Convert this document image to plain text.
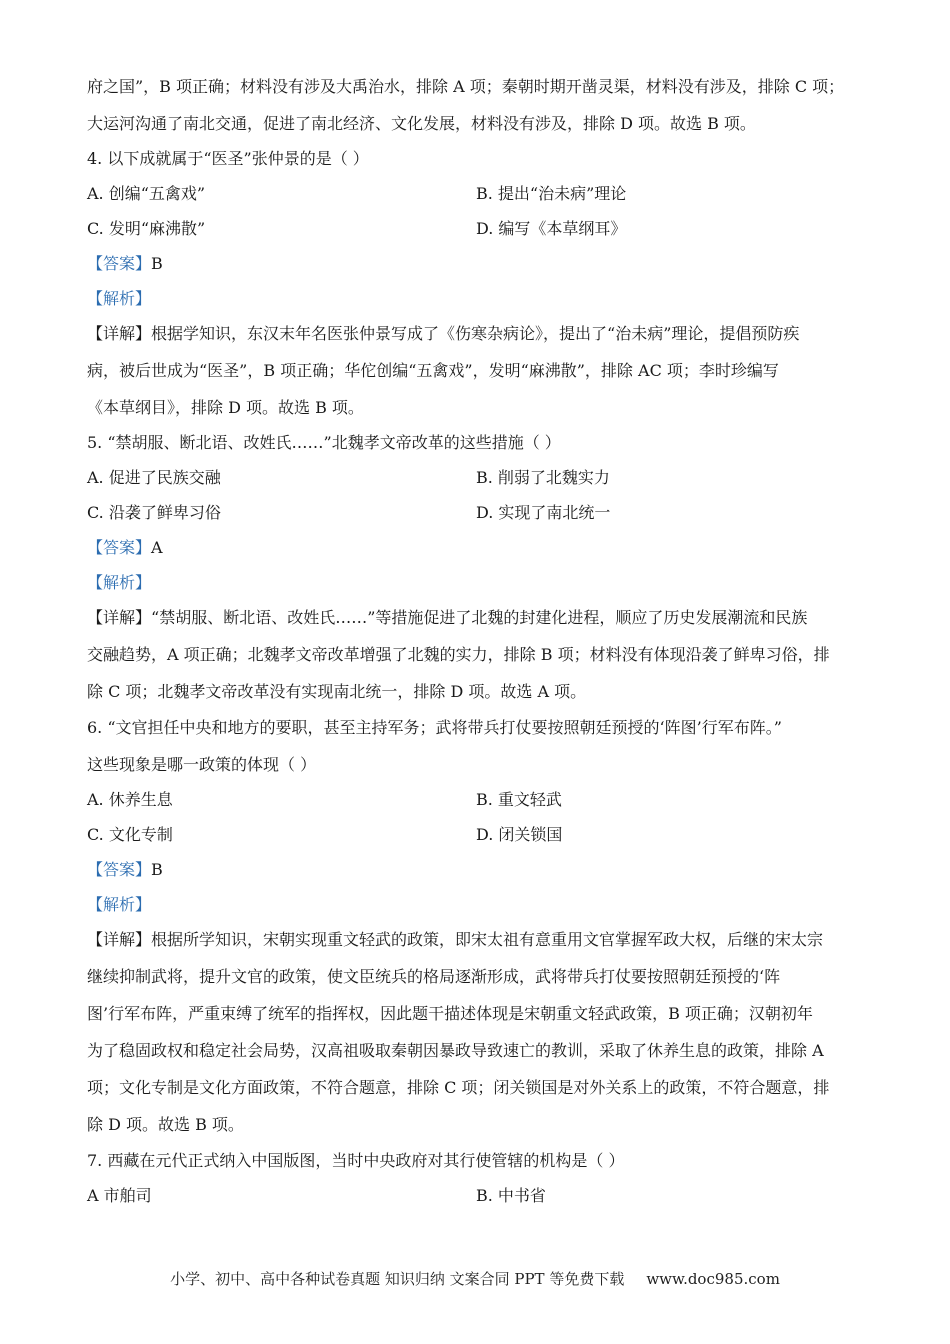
府之国”，B 项正确；材料没有涉及大禹治水，排除 A 项；秦朝时期开凿灵渠，材料没有涉及，排除 C 项；
大运河沟通了南北交通，促进了南北经济、文化发展，材料没有涉及，排除 D 项。故选 B 项。
4. 以下成就属于“医圣”张仲景的是（ ）
A. 创编“五禽戏”	B. 提出“治未病”理论
C. 发明“麻沸散”	D. 编写《本草纲耳》
【答案】B
【解析】
【详解】根据学知识，东汉末年名医张仲景写成了《伤寒杂病论》，提出了“治未病”理论，提倡预防疾
病，被后世成为“医圣”，B 项正确；华佗创编“五禽戏”，发明“麻沸散”，排除 AC 项；李时珍编写
《本草纲目》，排除 D 项。故选 B 项。
5. “禁胡服、断北语、改姓氏……”北魏孝文帝改革的这些措施（ ）
A. 促进了民族交融	B. 削弱了北魏实力
C. 沿袭了鲜卑习俗	D. 实现了南北统一
【答案】A
【解析】
【详解】“禁胡服、断北语、改姓氏……”等措施促进了北魏的封建化进程，顺应了历史发展潮流和民族
交融趋势，A 项正确；北魏孝文帝改革增强了北魏的实力，排除 B 项；材料没有体现沿袭了鲜卑习俗，排
除 C 项；北魏孝文帝改革没有实现南北统一，排除 D 项。故选 A 项。
6. “文官担任中央和地方的要职，甚至主持军务；武将带兵打仗要按照朝廷预授的‘阵图’行军布阵。”
这些现象是哪一政策的体现（ ）
A. 休养生息	B. 重文轻武
C. 文化专制	D. 闭关锁国
【答案】B
【解析】
【详解】根据所学知识，宋朝实现重文轻武的政策，即宋太祖有意重用文官掌握军政大权，后继的宋太宗
继续抑制武将，提升文官的政策，使文臣统兵的格局逐渐形成，武将带兵打仗要按照朝廷预授的‘阵
图’行军布阵，严重束缚了统军的指挥权，因此题干描述体现是宋朝重文轻武政策，B 项正确；汉朝初年
为了稳固政权和稳定社会局势，汉高祖吸取秦朝因暴政导致速亡的教训，采取了休养生息的政策，排除 A
项；文化专制是文化方面政策，不符合题意，排除 C 项；闭关锁国是对外关系上的政策，不符合题意，排
除 D 项。故选 B 项。
7. 西藏在元代正式纳入中国版图，当时中央政府对其行使管辖的机构是（ ）
A 市舶司	B. 中书省
小学、初中、高中各种试卷真题 知识归纳 文案合同 PPT 等免费下载 www.doc985.com
